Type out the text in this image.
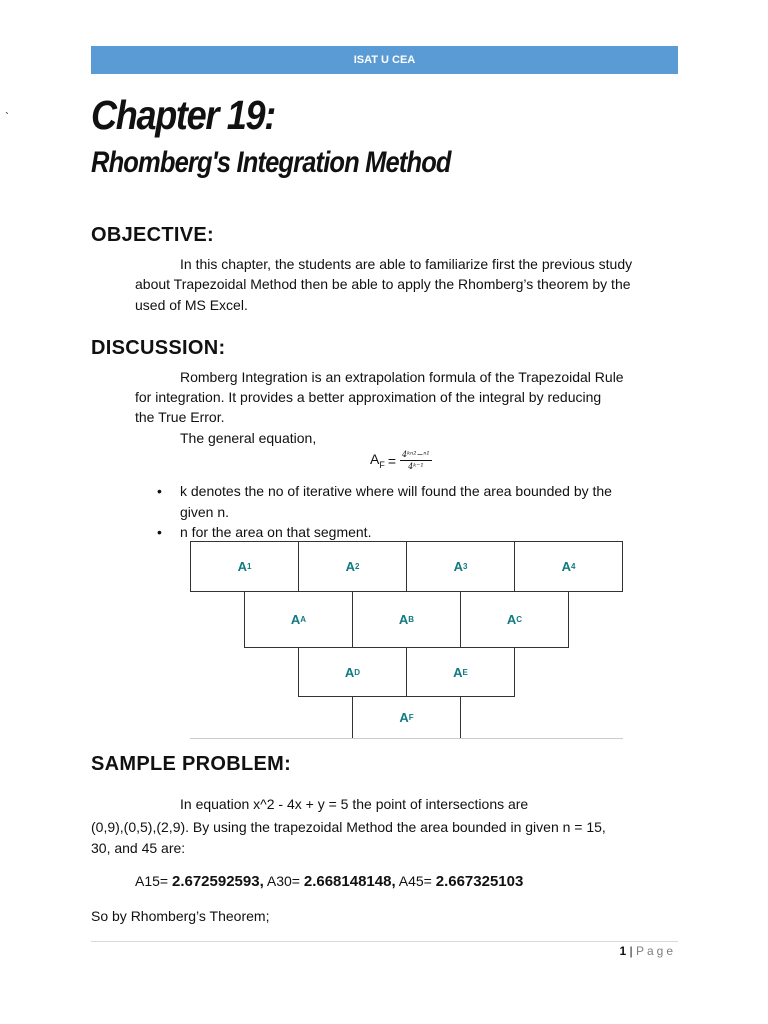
ISAT U CEA
` Chapter 19:
Rhomberg's Integration Method
OBJECTIVE:

In this chapter, the students are able to familiarize first the previous study

about Trapezoidal Method then be able to apply the Rhomberg’s theorem by the

used of MS Excel.

DISCUSSION:

Romberg Integration is an extrapolation formula of the Trapezoidal Rule

for integration. It provides a better approximation of the integral by reducing

the True Error.

The general equation,

$A_F = \frac{\text{4ᵏⁿ²−ⁿ¹}}{\text{4ᵏ⁻¹}}$
• k denotes the no of iterative where will found the area bounded by the
given n.
• n for the area on that segment.
A 1	A 2	A 3	A 4
A A	A B	A C
A D	A E
A F
SAMPLE PROBLEM:

In equation x^2 - 4x + y = 5 the point of intersections are

(0,9),(0,5),(2,9). By using the trapezoidal Method the area bounded in given n = 15,

30, and 45 are:

A15= 2.672592593, A30= 2.668148148, A45= 2.667325103

So by Rhomberg’s Theorem;

1 | Page
